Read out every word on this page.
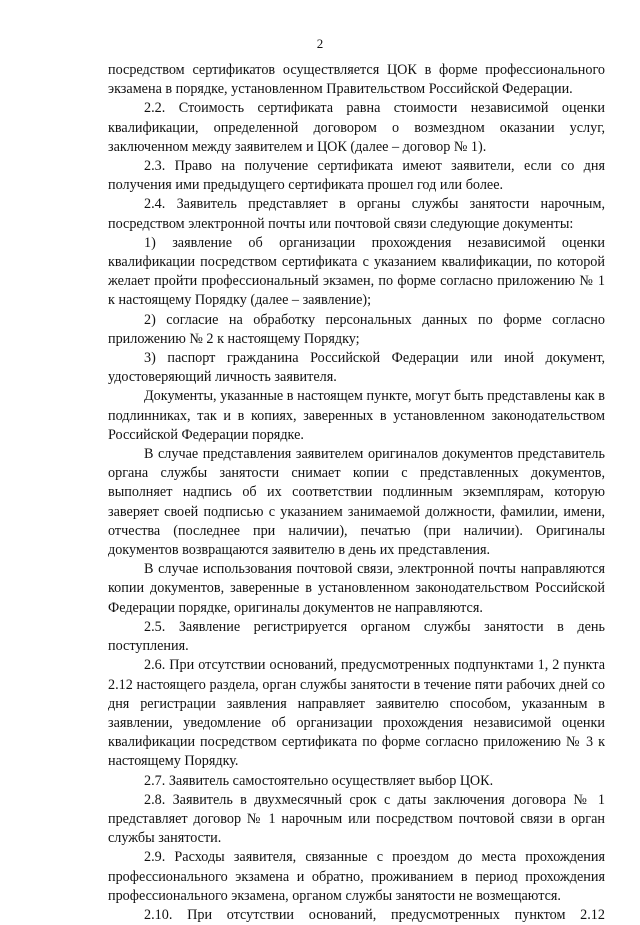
2

посредством сертификатов осуществляется ЦОК в форме профессионального экзамена в порядке, установленном Правительством Российской Федерации.

2.2. Стоимость сертификата равна стоимости независимой оценки квалификации, определенной договором о возмездном оказании услуг, заключенном между заявителем и ЦОК (далее – договор № 1).

2.3. Право на получение сертификата имеют заявители, если со дня получения ими предыдущего сертификата прошел год или более.

2.4. Заявитель представляет в органы службы занятости нарочным, посредством электронной почты или почтовой связи следующие документы:

1) заявление об организации прохождения независимой оценки квалификации посредством сертификата с указанием квалификации, по которой желает пройти профессиональный экзамен, по форме согласно приложению № 1 к настоящему Порядку (далее – заявление);

2) согласие на обработку персональных данных по форме согласно приложению № 2 к настоящему Порядку;

3) паспорт гражданина Российской Федерации или иной документ, удостоверяющий личность заявителя.

Документы, указанные в настоящем пункте, могут быть представлены как в подлинниках, так и в копиях, заверенных в установленном законодательством Российской Федерации порядке.

В случае представления заявителем оригиналов документов представитель органа службы занятости снимает копии с представленных документов, выполняет надпись об их соответствии подлинным экземплярам, которую заверяет своей подписью с указанием занимаемой должности, фамилии, имени, отчества (последнее при наличии), печатью (при наличии). Оригиналы документов возвращаются заявителю в день их представления.

В случае использования почтовой связи, электронной почты направляются копии документов, заверенные в установленном законодательством Российской Федерации порядке, оригиналы документов не направляются.

2.5. Заявление регистрируется органом службы занятости в день поступления.

2.6. При отсутствии оснований, предусмотренных подпунктами 1, 2 пункта 2.12 настоящего раздела, орган службы занятости в течение пяти рабочих дней со дня регистрации заявления направляет заявителю способом, указанным в заявлении, уведомление об организации прохождения независимой оценки квалификации посредством сертификата по форме согласно приложению № 3 к настоящему Порядку.

2.7. Заявитель самостоятельно осуществляет выбор ЦОК.

2.8. Заявитель в двухмесячный срок с даты заключения договора № 1 представляет договор № 1 нарочным или посредством почтовой связи в орган службы занятости.

2.9. Расходы заявителя, связанные с проездом до места прохождения профессионального экзамена и обратно, проживанием в период прохождения профессионального экзамена, органом службы занятости не возмещаются.

2.10. При отсутствии оснований, предусмотренных пунктом 2.12
